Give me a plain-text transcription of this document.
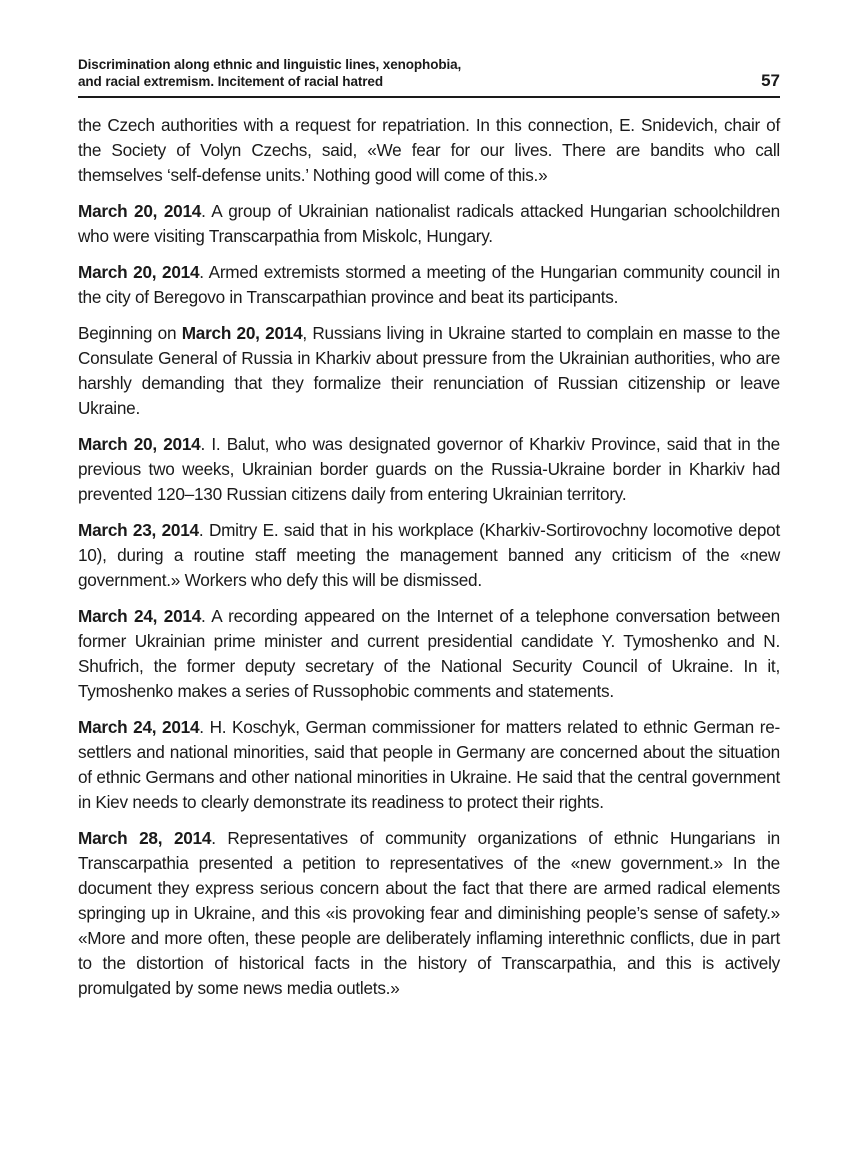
Discrimination along ethnic and linguistic lines, xenophobia,
and racial extremism. Incitement of racial hatred	57

the Czech authorities with a request for repatriation. In this connection, E. Snidevich, chair of the Society of Volyn Czechs, said, «We fear for our lives. There are bandits who call themselves ‘self-defense units.’ Nothing good will come of this.»

March 20, 2014. A group of Ukrainian nationalist radicals attacked Hungarian schoolchildren who were visiting Transcarpathia from Miskolc, Hungary.

March 20, 2014. Armed extremists stormed a meeting of the Hungarian community council in the city of Beregovo in Transcarpathian province and beat its participants.

Beginning on March 20, 2014, Russians living in Ukraine started to complain en masse to the Consulate General of Russia in Kharkiv about pressure from the Ukrainian authorities, who are harshly demanding that they formalize their renunciation of Russian citizenship or leave Ukraine.

March 20, 2014. I. Balut, who was designated governor of Kharkiv Province, said that in the previous two weeks, Ukrainian border guards on the Russia-Ukraine border in Kharkiv had prevented 120–130 Russian citizens daily from entering Ukrainian territory.

March 23, 2014. Dmitry E. said that in his workplace (Kharkiv-Sortirovochny locomotive depot 10), during a routine staff meeting the management banned any criticism of the «new government.» Workers who defy this will be dismissed.

March 24, 2014. A recording appeared on the Internet of a telephone conversation between former Ukrainian prime minister and current presidential candidate Y. Tymoshenko and N. Shufrich, the former deputy secretary of the National Security Council of Ukraine. In it, Tymoshenko makes a series of Russophobic comments and statements.

March 24, 2014. H. Koschyk, German commissioner for matters related to ethnic German re-settlers and national minorities, said that people in Germany are concerned about the situation of ethnic Germans and other national minorities in Ukraine. He said that the central government in Kiev needs to clearly demonstrate its readiness to protect their rights.

March 28, 2014. Representatives of community organizations of ethnic Hungarians in Transcarpathia presented a petition to representatives of the «new government.» In the document they express serious concern about the fact that there are armed radical elements springing up in Ukraine, and this «is provoking fear and diminishing people’s sense of safety.» «More and more often, these people are deliberately inflaming interethnic conflicts, due in part to the distortion of historical facts in the history of Transcarpathia, and this is actively promulgated by some news media outlets.»
